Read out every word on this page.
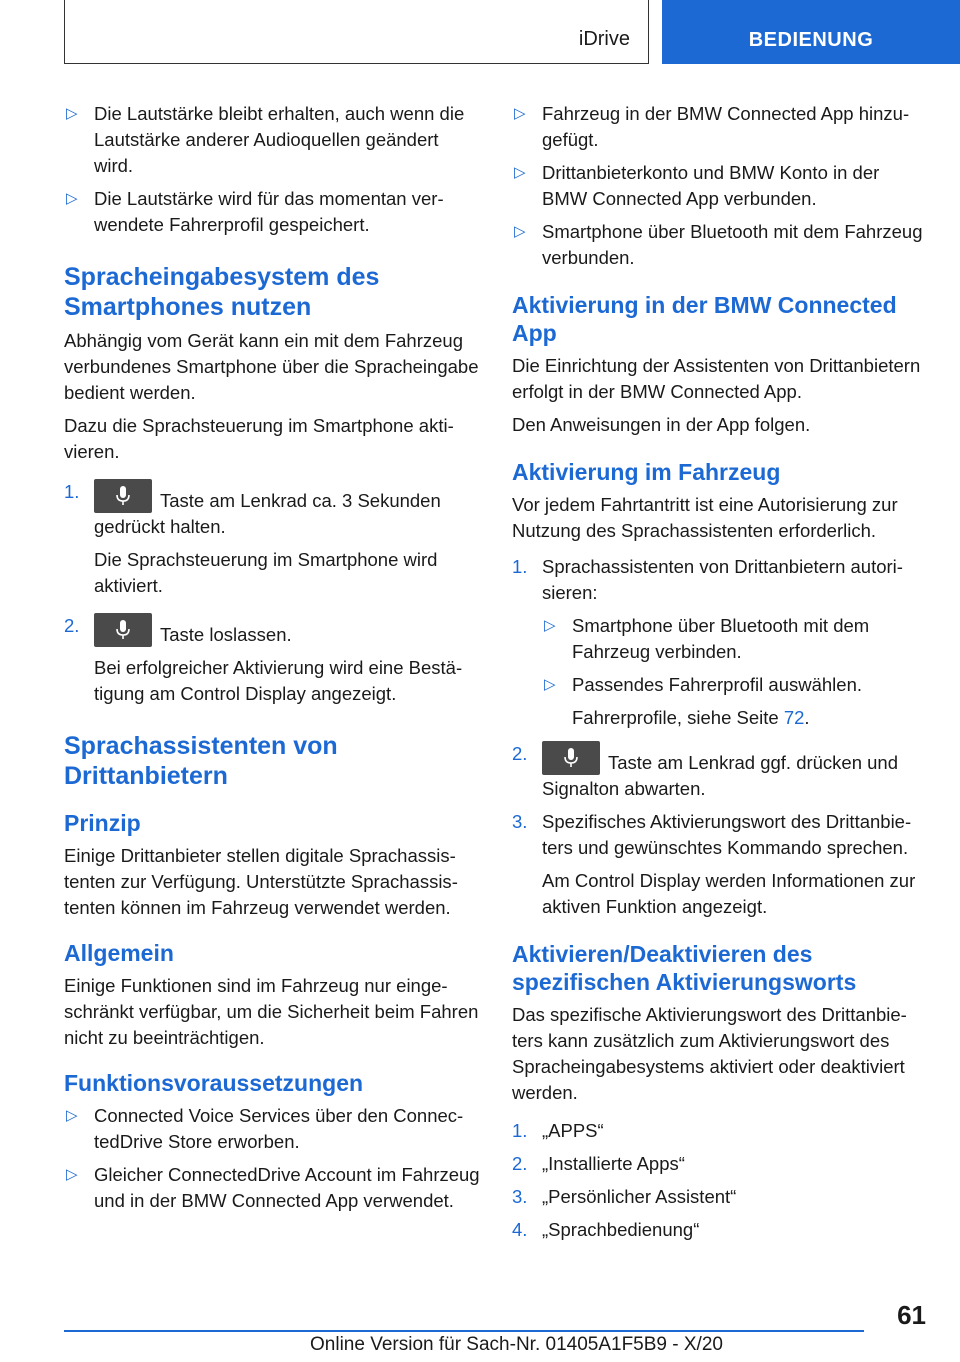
iDrive	BEDIENUNG
▷ Die Lautstärke bleibt erhalten, auch wenn die Lautstärke anderer Audioquellen geändert wird.
▷ Die Lautstärke wird für das momentan verwendete Fahrerprofil gespeichert.
Spracheingabesystem des Smartphones nutzen

Abhängig vom Gerät kann ein mit dem Fahrzeug verbundenes Smartphone über die Spracheingabe bedient werden.

Dazu die Sprachsteuerung im Smartphone aktivieren.

1.	Taste am Lenkrad ca. 3 Sekunden gedrückt halten.
Die Sprachsteuerung im Smartphone wird aktiviert.
2.	Taste loslassen.
Bei erfolgreicher Aktivierung wird eine Bestätigung am Control Display angezeigt.
Sprachassistenten von Drittanbietern
Prinzip

Einige Drittanbieter stellen digitale Sprachassistenten zur Verfügung. Unterstützte Sprachassistenten können im Fahrzeug verwendet werden.

Allgemein

Einige Funktionen sind im Fahrzeug nur eingeschränkt verfügbar, um die Sicherheit beim Fahren nicht zu beeinträchtigen.

Funktionsvoraussetzungen
▷ Connected Voice Services über den ConnectedDrive Store erworben.
▷ Gleicher ConnectedDrive Account im Fahrzeug und in der BMW Connected App verwendet.
▷ Fahrzeug in der BMW Connected App hinzugefügt.
▷ Drittanbieterkonto und BMW Konto in der BMW Connected App verbunden.
▷ Smartphone über Bluetooth mit dem Fahrzeug verbunden.
Aktivierung in der BMW Connected App

Die Einrichtung der Assistenten von Drittanbietern erfolgt in der BMW Connected App.

Den Anweisungen in der App folgen.

Aktivierung im Fahrzeug

Vor jedem Fahrtantritt ist eine Autorisierung zur Nutzung des Sprachassistenten erforderlich.

1. Sprachassistenten von Drittanbietern autorisieren:
▷ Smartphone über Bluetooth mit dem Fahrzeug verbinden.
▷ Passendes Fahrerprofil auswählen.
Fahrerprofile, siehe Seite 72.
2.	Taste am Lenkrad ggf. drücken und Signalton abwarten.
3. Spezifisches Aktivierungswort des Drittanbieters und gewünschtes Kommando sprechen.
Am Control Display werden Informationen zur aktiven Funktion angezeigt.
Aktivieren/Deaktivieren des spezifischen Aktivierungsworts

Das spezifische Aktivierungswort des Drittanbieters kann zusätzlich zum Aktivierungswort des Spracheingabesystems aktiviert oder deaktiviert werden.

1. „APPS“
2. „Installierte Apps“
3. „Persönlicher Assistent“
4. „Sprachbedienung“
61
Online Version für Sach-Nr. 01405A1F5B9 - X/20
